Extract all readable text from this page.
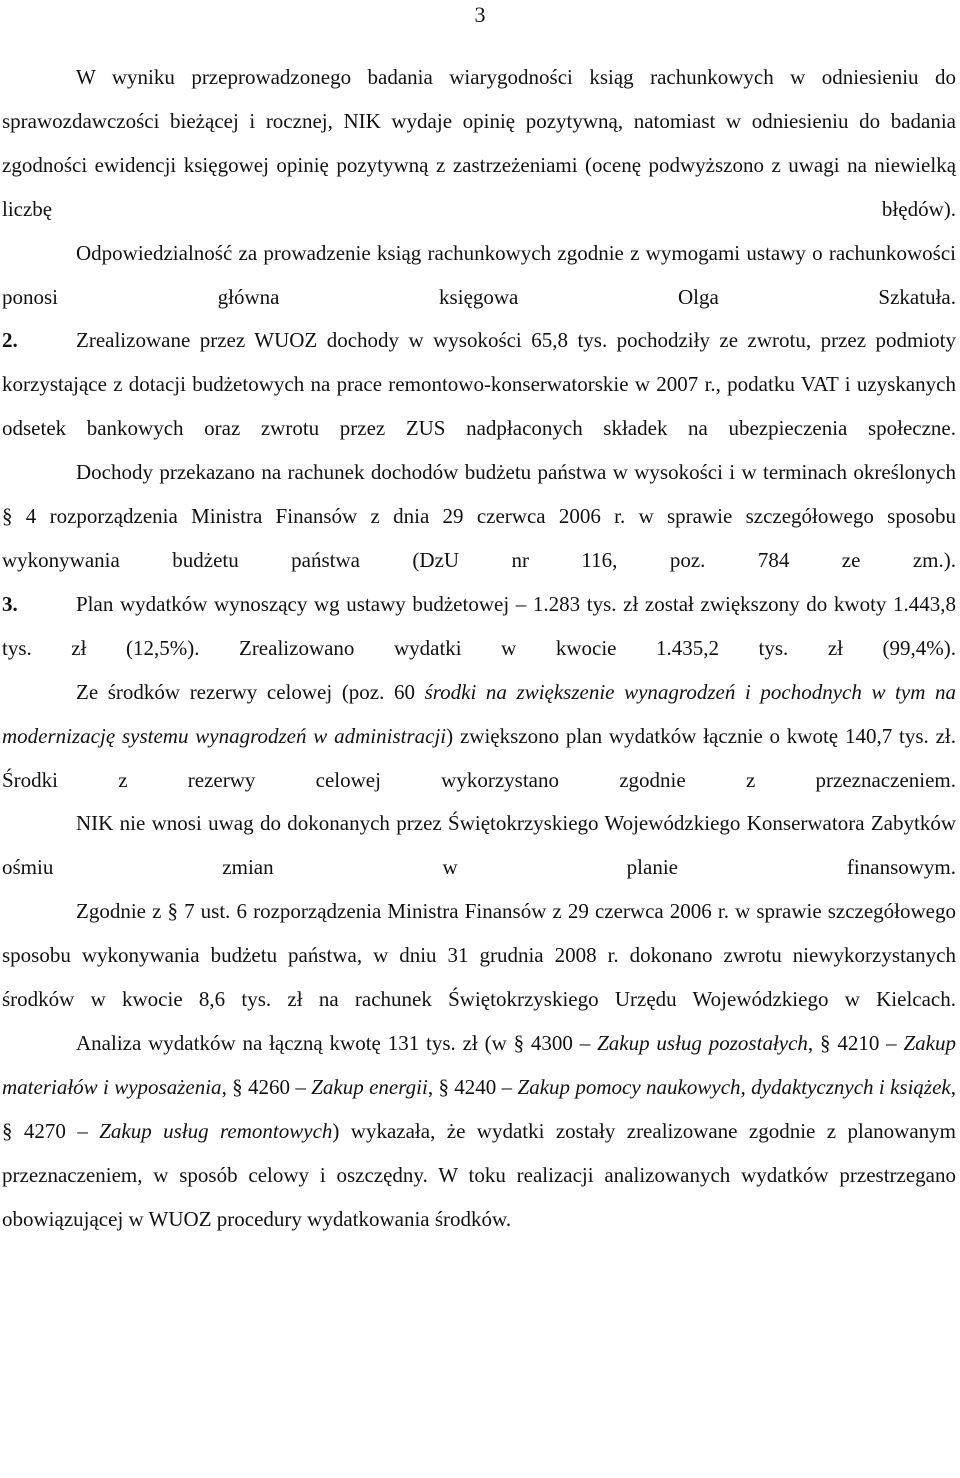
3

W wyniku przeprowadzonego badania wiarygodności ksiąg rachunkowych w odniesieniu do sprawozdawczości bieżącej i rocznej, NIK wydaje opinię pozytywną, natomiast w odniesieniu do badania zgodności ewidencji księgowej opinię pozytywną z zastrzeżeniami (ocenę podwyższono z uwagi na niewielką liczbę błędów).

Odpowiedzialność za prowadzenie ksiąg rachunkowych zgodnie z wymogami ustawy o rachunkowości ponosi główna księgowa Olga Szkatuła.

2.	Zrealizowane przez WUOZ dochody w wysokości 65,8 tys. pochodziły ze zwrotu, przez podmioty korzystające z dotacji budżetowych na prace remontowo-konserwatorskie w 2007 r., podatku VAT i uzyskanych odsetek bankowych oraz zwrotu przez ZUS nadpłaconych składek na ubezpieczenia społeczne.

Dochody przekazano na rachunek dochodów budżetu państwa w wysokości i w terminach określonych § 4 rozporządzenia Ministra Finansów z dnia 29 czerwca 2006 r. w sprawie szczegółowego sposobu wykonywania budżetu państwa (DzU nr 116, poz. 784 ze zm.).

3.	Plan wydatków wynoszący wg ustawy budżetowej – 1.283 tys. zł został zwiększony do kwoty 1.443,8 tys. zł (12,5%). Zrealizowano wydatki w kwocie 1.435,2 tys. zł (99,4%).

Ze środków rezerwy celowej (poz. 60 środki na zwiększenie wynagrodzeń i pochodnych w tym na modernizację systemu wynagrodzeń w administracji) zwiększono plan wydatków łącznie o kwotę 140,7 tys. zł. Środki z rezerwy celowej wykorzystano zgodnie	z przeznaczeniem.

NIK nie wnosi uwag do dokonanych przez Świętokrzyskiego Wojewódzkiego Konserwatora Zabytków ośmiu zmian w planie finansowym.

Zgodnie z § 7 ust. 6 rozporządzenia Ministra Finansów z 29 czerwca 2006 r. w sprawie szczegółowego sposobu wykonywania budżetu państwa, w dniu 31 grudnia 2008 r. dokonano zwrotu niewykorzystanych środków w kwocie 8,6 tys. zł na rachunek Świętokrzyskiego Urzędu Wojewódzkiego w Kielcach.

Analiza wydatków na łączną kwotę 131 tys. zł (w § 4300 – Zakup usług pozostałych, § 4210 – Zakup materiałów i wyposażenia, § 4260 – Zakup energii, § 4240 – Zakup pomocy naukowych, dydaktycznych i książek, § 4270 – Zakup usług remontowych) wykazała, że wydatki zostały zrealizowane zgodnie z planowanym przeznaczeniem, w sposób celowy i oszczędny. W toku realizacji analizowanych wydatków przestrzegano obowiązującej w WUOZ procedury wydatkowania środków.
